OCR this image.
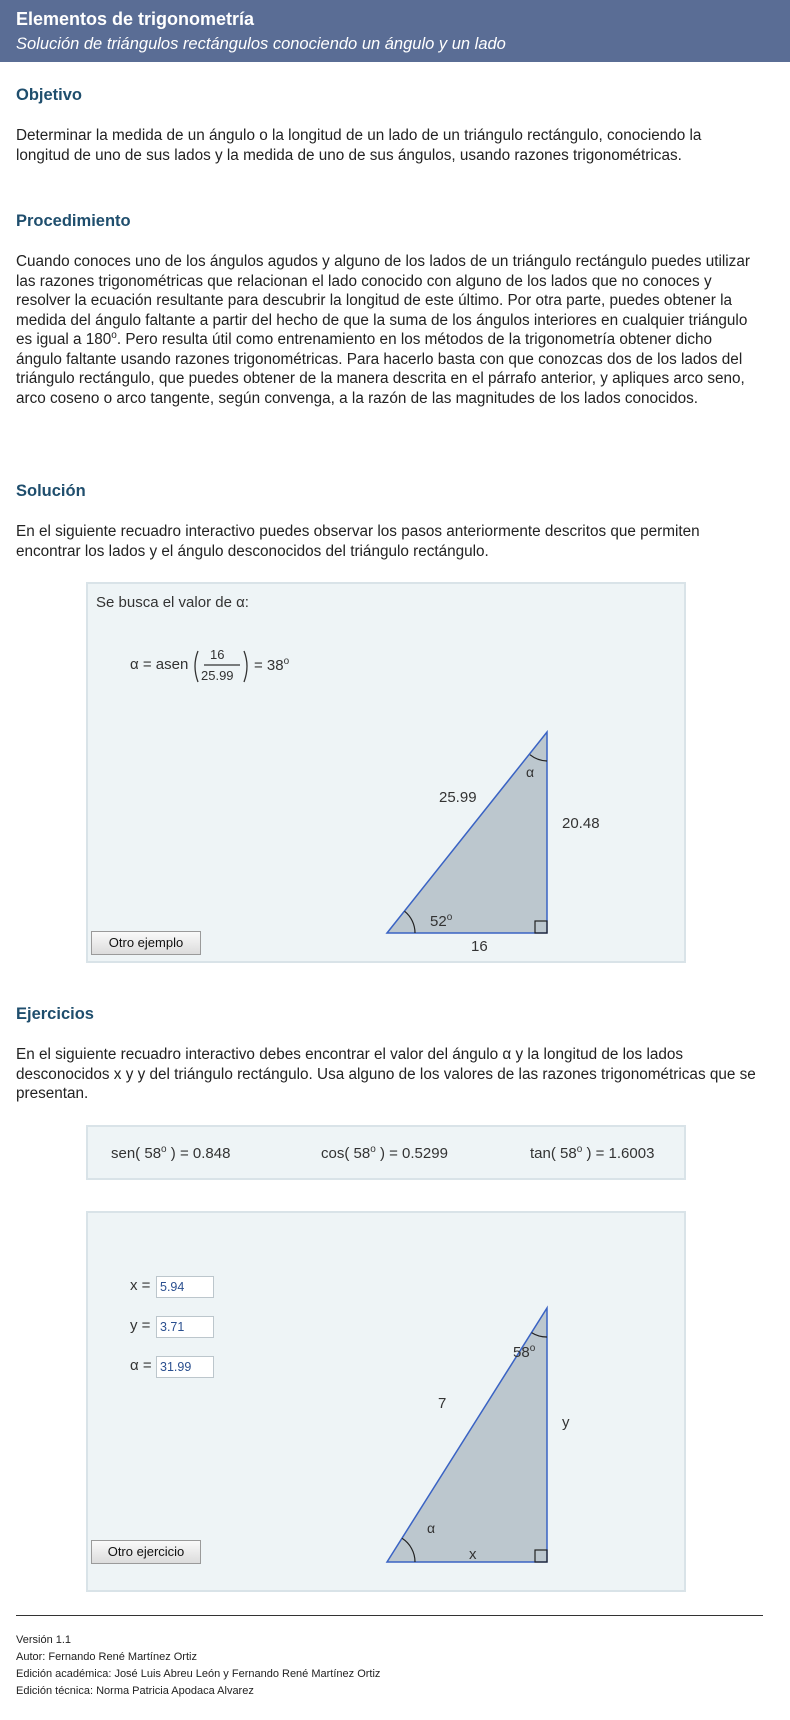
Elementos de trigonometría
Solución de triángulos rectángulos conociendo un ángulo y un lado
Objetivo
Determinar la medida de un ángulo o la longitud de un lado de un triángulo rectángulo, conociendo la longitud de uno de sus lados y la medida de uno de sus ángulos, usando razones trigonométricas.
Procedimiento
Cuando conoces uno de los ángulos agudos y alguno de los lados de un triángulo rectángulo puedes utilizar las razones trigonométricas que relacionan el lado conocido con alguno de los lados que no conoces y resolver la ecuación resultante para descubrir la longitud de este último. Por otra parte, puedes obtener la medida del ángulo faltante a partir del hecho de que la suma de los ángulos interiores en cualquier triángulo es igual a 180$^o$. Pero resulta útil como entrenamiento en los métodos de la trigonometría obtener dicho ángulo faltante usando razones trigonométricas. Para hacerlo basta con que conozcas dos de los lados del triángulo rectángulo, que puedes obtener de la manera descrita en el párrafo anterior, y apliques arco seno, arco coseno o arco tangente, según convenga, a la razón de las magnitudes de los lados conocidos.
Solución
En el siguiente recuadro interactivo puedes observar los pasos anteriormente descritos que permiten encontrar los lados y el ángulo desconocidos del triángulo rectángulo.
Se busca el valor de α:
α = asen
16
25.99
= $38^o$
α
25.99
20.48
52$^o$
16
Otro ejemplo
Ejercicios
En el siguiente recuadro interactivo debes encontrar el valor del ángulo α y la longitud de los lados desconocidos x y y del triángulo rectángulo. Usa alguno de los valores de las razones trigonométricas que se presentan.
sen( 58$^o$ ) = 0.848	cos( 58$^o$ ) = 0.5299	tan( 58$^o$ ) = 1.6003
x =
5.94
y =
3.71
α =
31.99
58$^o$
7
y
α
x
Otro ejercicio
Versión 1.1
Autor: Fernando René Martínez Ortiz
Edición académica: José Luis Abreu León y Fernando René Martínez Ortiz
Edición técnica: Norma Patricia Apodaca Alvarez
